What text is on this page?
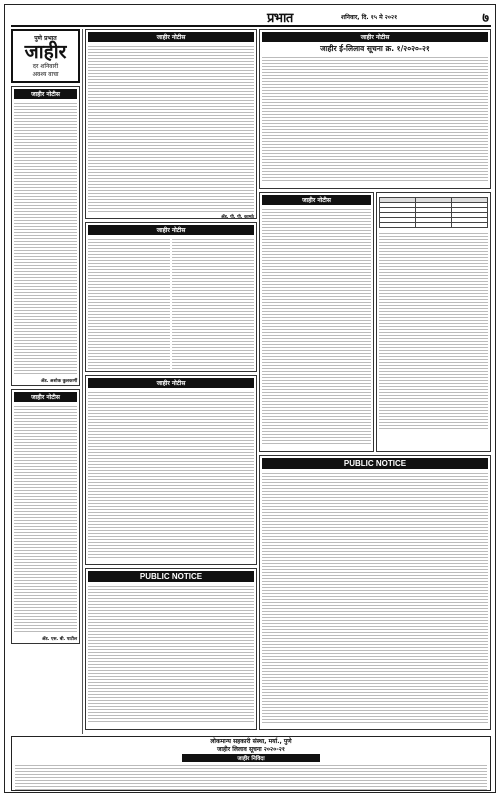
प्रभात	शनिवार, दि. १५ मे २०२१	७
पुणे प्रभात
जाहीर
दर शनिवारी
अवश्य वाचा
जाहीर नोटीस
ॲड. अशोक कुलकर्णी
जाहीर नोटीस
ॲड. एस. बी. पाटील
जाहीर नोटीस
ॲड. पी. पी. कामठे
जाहीर नोटीस
जाहीर नोटीस
PUBLIC NOTICE
जाहीर नोटीस
जाहीर ई-लिलाव सूचना क्र. १/२०२०-२१
जाहीर नोटीस

PUBLIC NOTICE
लोकमान्य सहकारी संस्था, मर्या., पुणे
जाहीर लिलाव सूचना २०२०-२१
जाहीर निविदा
